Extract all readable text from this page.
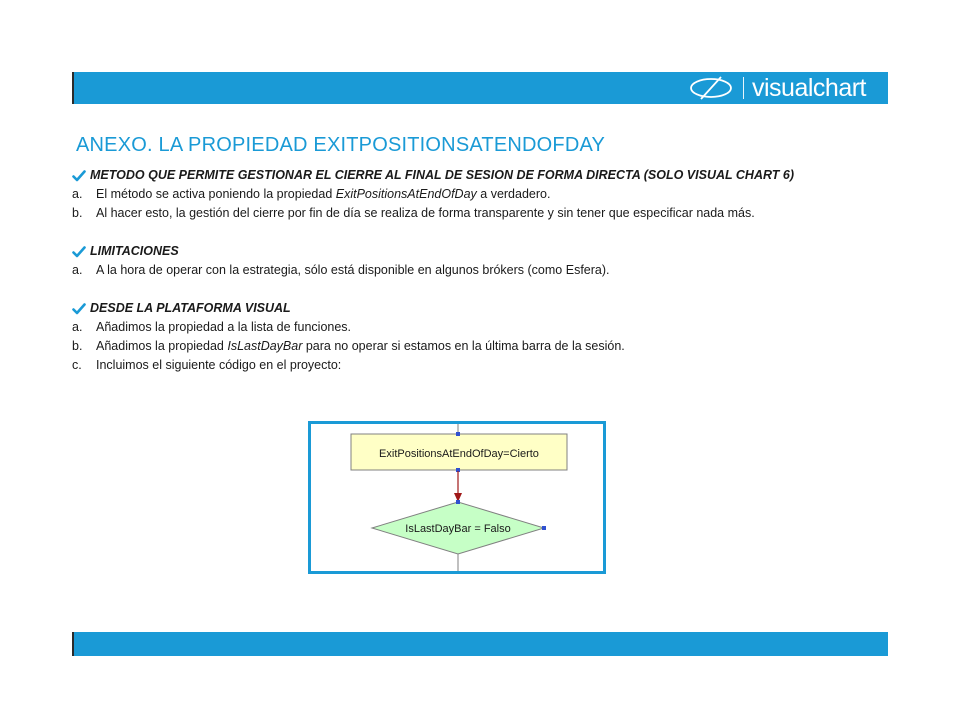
visualchart
ANEXO. LA PROPIEDAD EXITPOSITIONSATENDOFDAY
METODO QUE PERMITE GESTIONAR EL CIERRE AL FINAL DE SESION DE FORMA DIRECTA (SOLO VISUAL CHART 6)
a.	El método se activa poniendo la propiedad ExitPositionsAtEndOfDay a verdadero.
b.	Al hacer esto, la gestión del cierre por fin de día se realiza de forma transparente y sin tener que especificar nada más.
LIMITACIONES
a.	A la hora de operar con la estrategia, sólo está disponible en algunos brókers (como Esfera).
DESDE LA PLATAFORMA VISUAL
a.	Añadimos la propiedad a la lista de funciones.
b.	Añadimos la propiedad IsLastDayBar para no operar si estamos en la última barra de la sesión.
c.	Incluimos el siguiente código en el proyecto:
ExitPositionsAtEndOfDay=Cierto
IsLastDayBar = Falso
